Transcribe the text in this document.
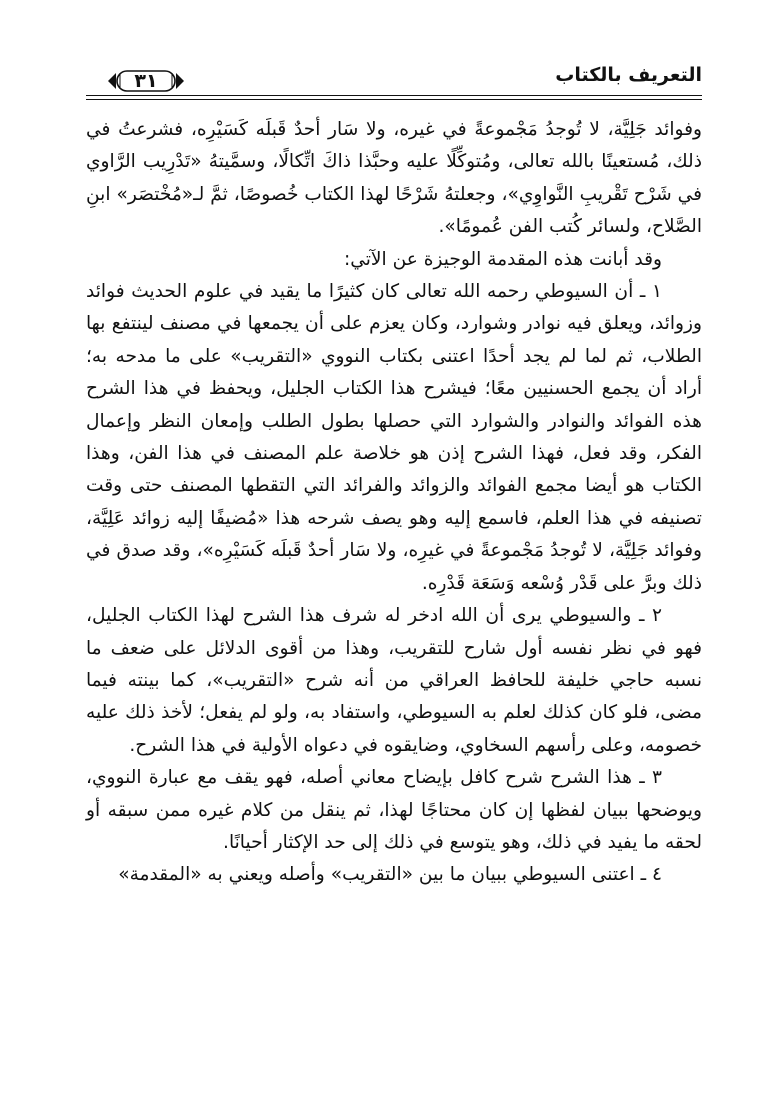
التعريف بالكتاب
٣١

وفوائد جَلِيَّة، لا تُوجدُ مَجْموعةً في غيره، ولا سَار أحدٌ قَبلَه كَسَيْرِه، فشرعتُ في ذلك، مُستعينًا بالله تعالى، ومُتوكِّلًا عليه وحبَّذا ذاكَ اتِّكالًا، وسمَّيتهُ «تَدْرِيب الرَّاوي في شَرْح تَقْريبِ النَّواوِي»، وجعلتهُ شَرْحًا لهذا الكتاب خُصوصًا، ثمَّ لـ«مُخْتصَر» ابنِ الصَّلاح، ولسائر كُتب الفن عُمومًا».

وقد أبانت هذه المقدمة الوجيزة عن الآتي:

١ ـ أن السيوطي رحمه الله تعالى كان كثيرًا ما يقيد في علوم الحديث فوائد وزوائد، ويعلق فيه نوادر وشوارد، وكان يعزم على أن يجمعها في مصنف لينتفع بها الطلاب، ثم لما لم يجد أحدًا اعتنى بكتاب النووي «التقريب» على ما مدحه به؛ أراد أن يجمع الحسنيين معًا؛ فيشرح هذا الكتاب الجليل، ويحفظ في هذا الشرح هذه الفوائد والنوادر والشوارد التي حصلها بطول الطلب وإمعان النظر وإعمال الفكر، وقد فعل، فهذا الشرح إذن هو خلاصة علم المصنف في هذا الفن، وهذا الكتاب هو أيضا مجمع الفوائد والزوائد والفرائد التي التقطها المصنف حتى وقت تصنيفه في هذا العلم، فاسمع إليه وهو يصف شرحه هذا «مُضيفًا إليه زوائد عَلِيَّة، وفوائد جَلِيَّة، لا تُوجدُ مَجْموعةً في غيرِه، ولا سَار أحدٌ قَبلَه كَسَيْرِه»، وقد صدق في ذلك وبرَّ على قَدْر وُسْعه وَسَعَة قَدْرِه.

٢ ـ والسيوطي يرى أن الله ادخر له شرف هذا الشرح لهذا الكتاب الجليل، فهو في نظر نفسه أول شارح للتقريب، وهذا من أقوى الدلائل على ضعف ما نسبه حاجي خليفة للحافظ العراقي من أنه شرح «التقريب»، كما بينته فيما مضى، فلو كان كذلك لعلم به السيوطي، واستفاد به، ولو لم يفعل؛ لأخذ ذلك عليه خصومه، وعلى رأسهم السخاوي، وضايقوه في دعواه الأولية في هذا الشرح.

٣ ـ هذا الشرح شرح كافل بإيضاح معاني أصله، فهو يقف مع عبارة النووي، ويوضحها ببيان لفظها إن كان محتاجًا لهذا، ثم ينقل من كلام غيره ممن سبقه أو لحقه ما يفيد في ذلك، وهو يتوسع في ذلك إلى حد الإكثار أحيانًا.

٤ ـ اعتنى السيوطي ببيان ما بين «التقريب» وأصله ويعني به «المقدمة»
